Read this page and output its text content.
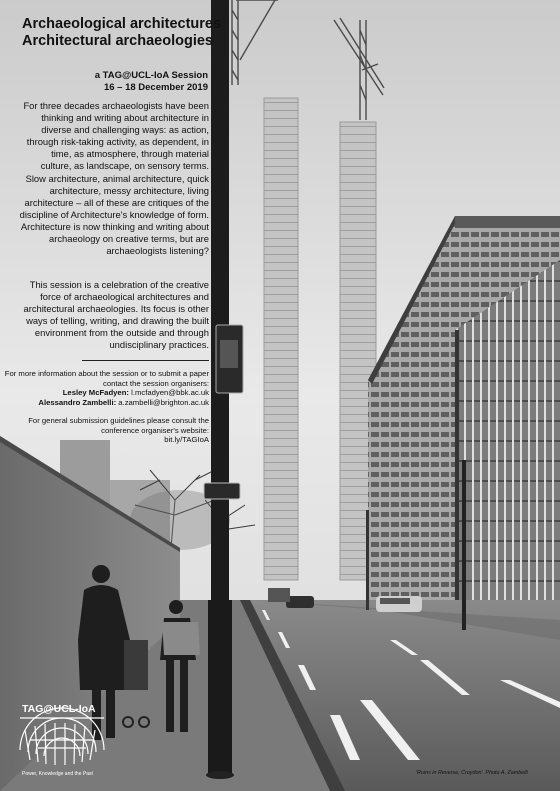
Archaeological architectures
Architectural archaeologies
a TAG@UCL-IoA Session
16 – 18 December 2019
For three decades archaeologists have been thinking and writing about architecture in diverse and challenging ways: as action, through risk-taking activity, as dependent, in time, as atmosphere, through material culture, as landscape, on sensory terms. Slow architecture, animal architecture, quick architecture, messy architecture, living architecture – all of these are critiques of the discipline of Architecture's knowledge of form. Architecture is now thinking and writing about archaeology on creative terms, but are archaeologists listening?
This session is a celebration of the creative force of archaeological architectures and architectural archaeologies. Its focus is other ways of telling, writing, and drawing the built environment from the outside and through undisciplinary practices.
For more information about the session or to submit a paper contact the session organisers:
Lesley McFadyen: l.mcfadyen@bbk.ac.uk
Alessandro Zambelli: a.zambelli@brighton.ac.uk
For general submission guidelines please consult the conference organiser's website:
bit.ly/TAGIoA
TAG@UCL-IoA
Power, Knowledge and the Past	'Ruins in Reverse, Croydon'. Photo A. Zambelli
